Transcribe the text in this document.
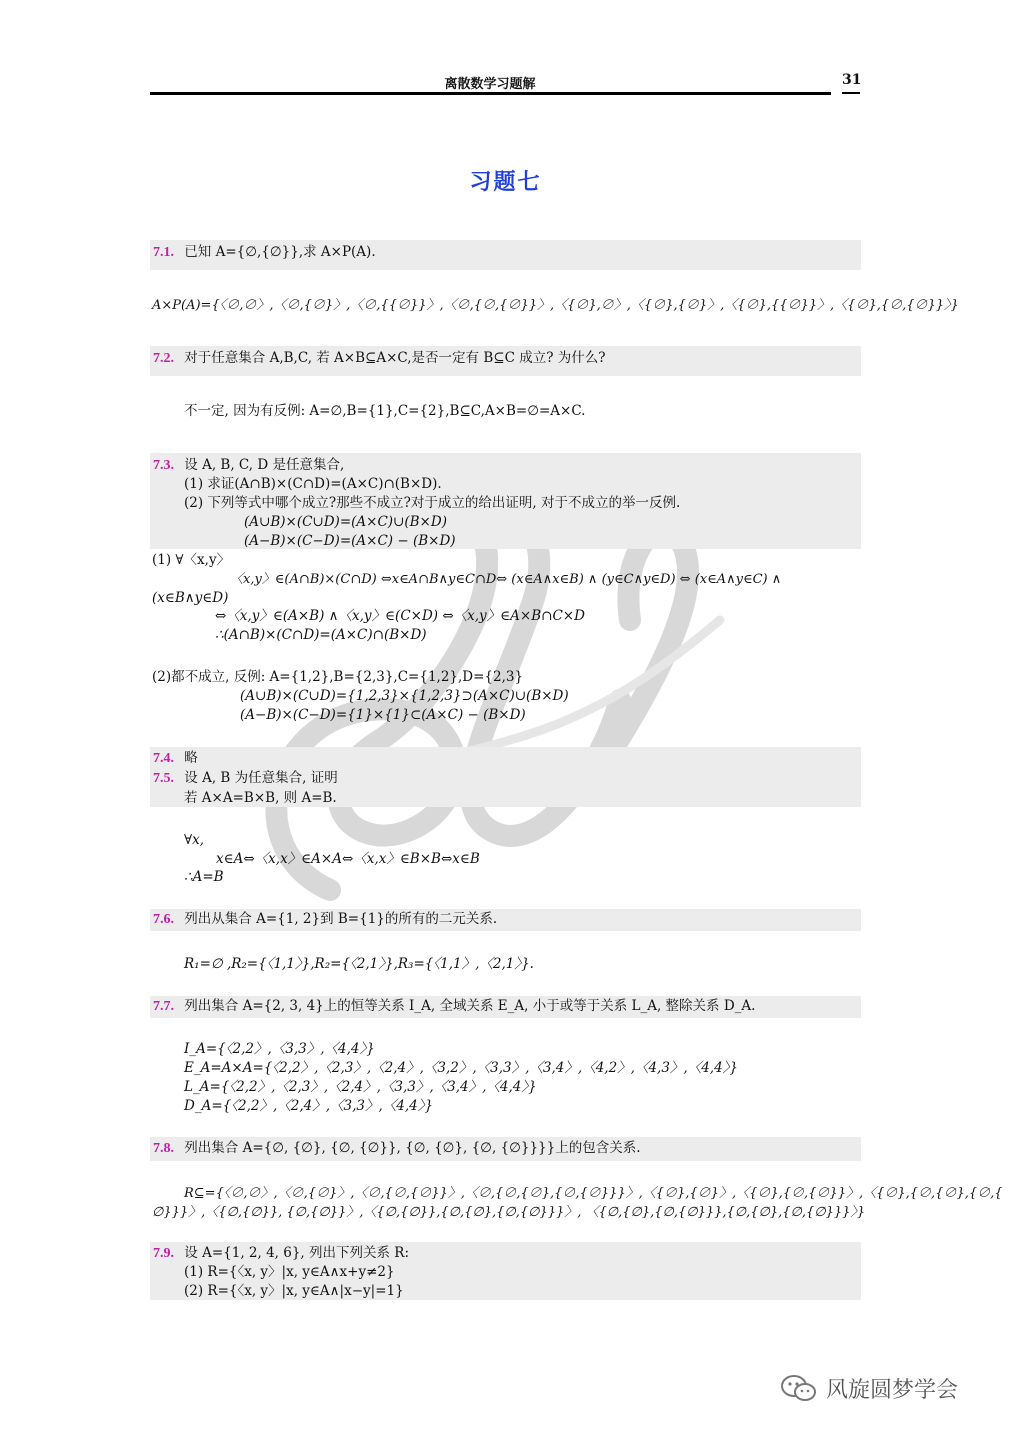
离散数学习题解	31
习题七
7.1. 已知 A={∅,{∅}},求 A×P(A).
A×P(A)={〈∅,∅〉,〈∅,{∅}〉,〈∅,{{∅}}〉,〈∅,{∅,{∅}}〉,〈{∅},∅〉,〈{∅},{∅}〉,〈{∅},{{∅}}〉,〈{∅},{∅,{∅}}〉}
7.2. 对于任意集合 A,B,C, 若 A×B⊆A×C,是否一定有 B⊆C 成立? 为什么?
不一定, 因为有反例: A=∅,B={1},C={2},B⊆C,A×B=∅=A×C.
7.3. 设 A, B, C, D 是任意集合,
(1) 求证(A∩B)×(C∩D)=(A×C)∩(B×D).
(2) 下列等式中哪个成立?那些不成立?对于成立的给出证明, 对于不成立的举一反例.
(A∪B)×(C∪D)=(A×C)∪(B×D)
(A−B)×(C−D)=(A×C) − (B×D)
(1) ∀〈x,y〉
〈x,y〉∈(A∩B)×(C∩D) ⇔x∈A∩B∧y∈C∩D⇔ (x∈A∧x∈B) ∧ (y∈C∧y∈D) ⇔ (x∈A∧y∈C) ∧
(x∈B∧y∈D)
⇔〈x,y〉∈(A×B) ∧〈x,y〉∈(C×D) ⇔〈x,y〉∈A×B∩C×D
∴(A∩B)×(C∩D)=(A×C)∩(B×D)
(2)都不成立, 反例: A={1,2},B={2,3},C={1,2},D={2,3}
(A∪B)×(C∪D)={1,2,3}×{1,2,3}⊃(A×C)∪(B×D)
(A−B)×(C−D)={1}×{1}⊂(A×C) − (B×D)
7.4. 略
7.5. 设 A, B 为任意集合, 证明
若 A×A=B×B, 则 A=B.
∀x,
x∈A⇔〈x,x〉∈A×A⇔〈x,x〉∈B×B⇔x∈B
∴A=B
7.6. 列出从集合 A={1, 2}到 B={1}的所有的二元关系.
R₁=∅ ,R₂={〈1,1〉},R₂={〈2,1〉},R₃={〈1,1〉,〈2,1〉}.
7.7. 列出集合 A={2, 3, 4}上的恒等关系 I_A, 全域关系 E_A, 小于或等于关系 L_A, 整除关系 D_A.
I_A={〈2,2〉,〈3,3〉,〈4,4〉}
E_A=A×A={〈2,2〉,〈2,3〉,〈2,4〉,〈3,2〉,〈3,3〉,〈3,4〉,〈4,2〉,〈4,3〉,〈4,4〉}
L_A={〈2,2〉,〈2,3〉,〈2,4〉,〈3,3〉,〈3,4〉,〈4,4〉}
D_A={〈2,2〉,〈2,4〉,〈3,3〉,〈4,4〉}
7.8. 列出集合 A={∅, {∅}, {∅, {∅}}, {∅, {∅}, {∅, {∅}}}}上的包含关系.
R⊆={〈∅,∅〉,〈∅,{∅}〉,〈∅,{∅,{∅}}〉,〈∅,{∅,{∅},{∅,{∅}}}〉,〈{∅},{∅}〉,〈{∅},{∅,{∅}}〉,〈{∅},{∅,{∅},{∅,{
∅}}}〉,〈{∅,{∅}}, {∅,{∅}}〉,〈{∅,{∅}},{∅,{∅},{∅,{∅}}}〉, 〈{∅,{∅},{∅,{∅}}},{∅,{∅},{∅,{∅}}}〉}
7.9. 设 A={1, 2, 4, 6}, 列出下列关系 R:
(1) R={〈x, y〉|x, y∈A∧x+y≠2}
(2) R={〈x, y〉|x, y∈A∧|x−y|=1}
风旋圆梦学会
